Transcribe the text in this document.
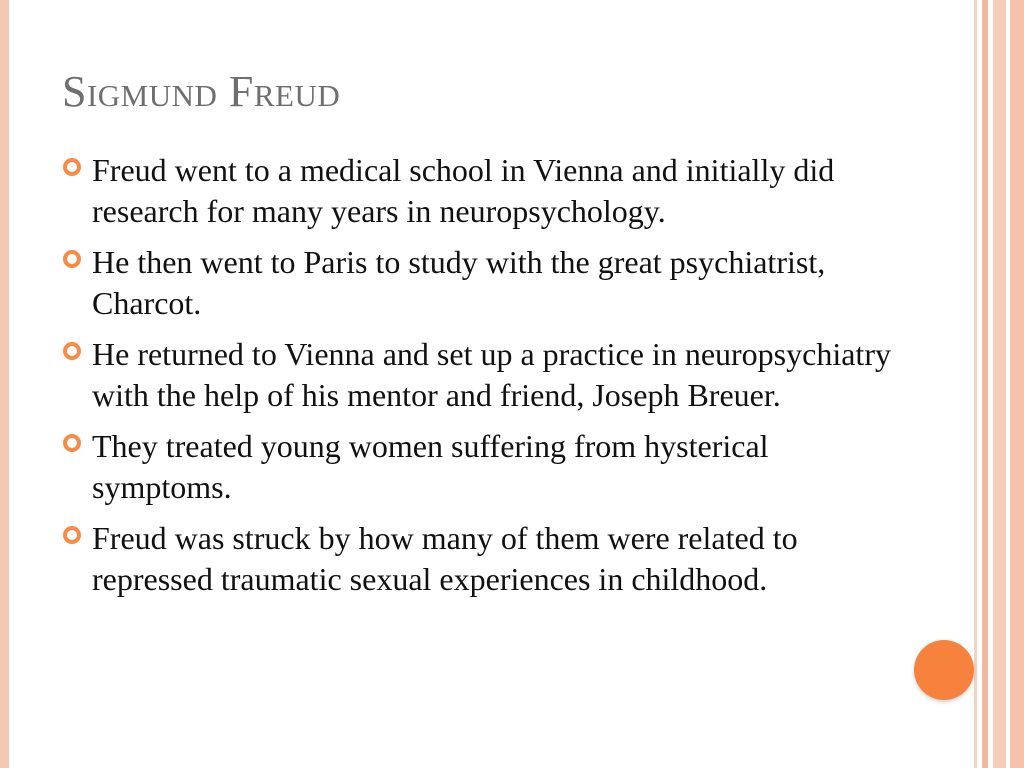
Sigmund Freud
Freud went to a medical school in Vienna and initially did research for many years in neuropsychology.
He then went to Paris to study with the great psychiatrist, Charcot.
He returned to Vienna and set up a practice in neuropsychiatry with the help of his mentor and friend, Joseph Breuer.
They treated young women suffering from hysterical symptoms.
Freud was struck by how many of them were related to repressed traumatic sexual experiences in childhood.
